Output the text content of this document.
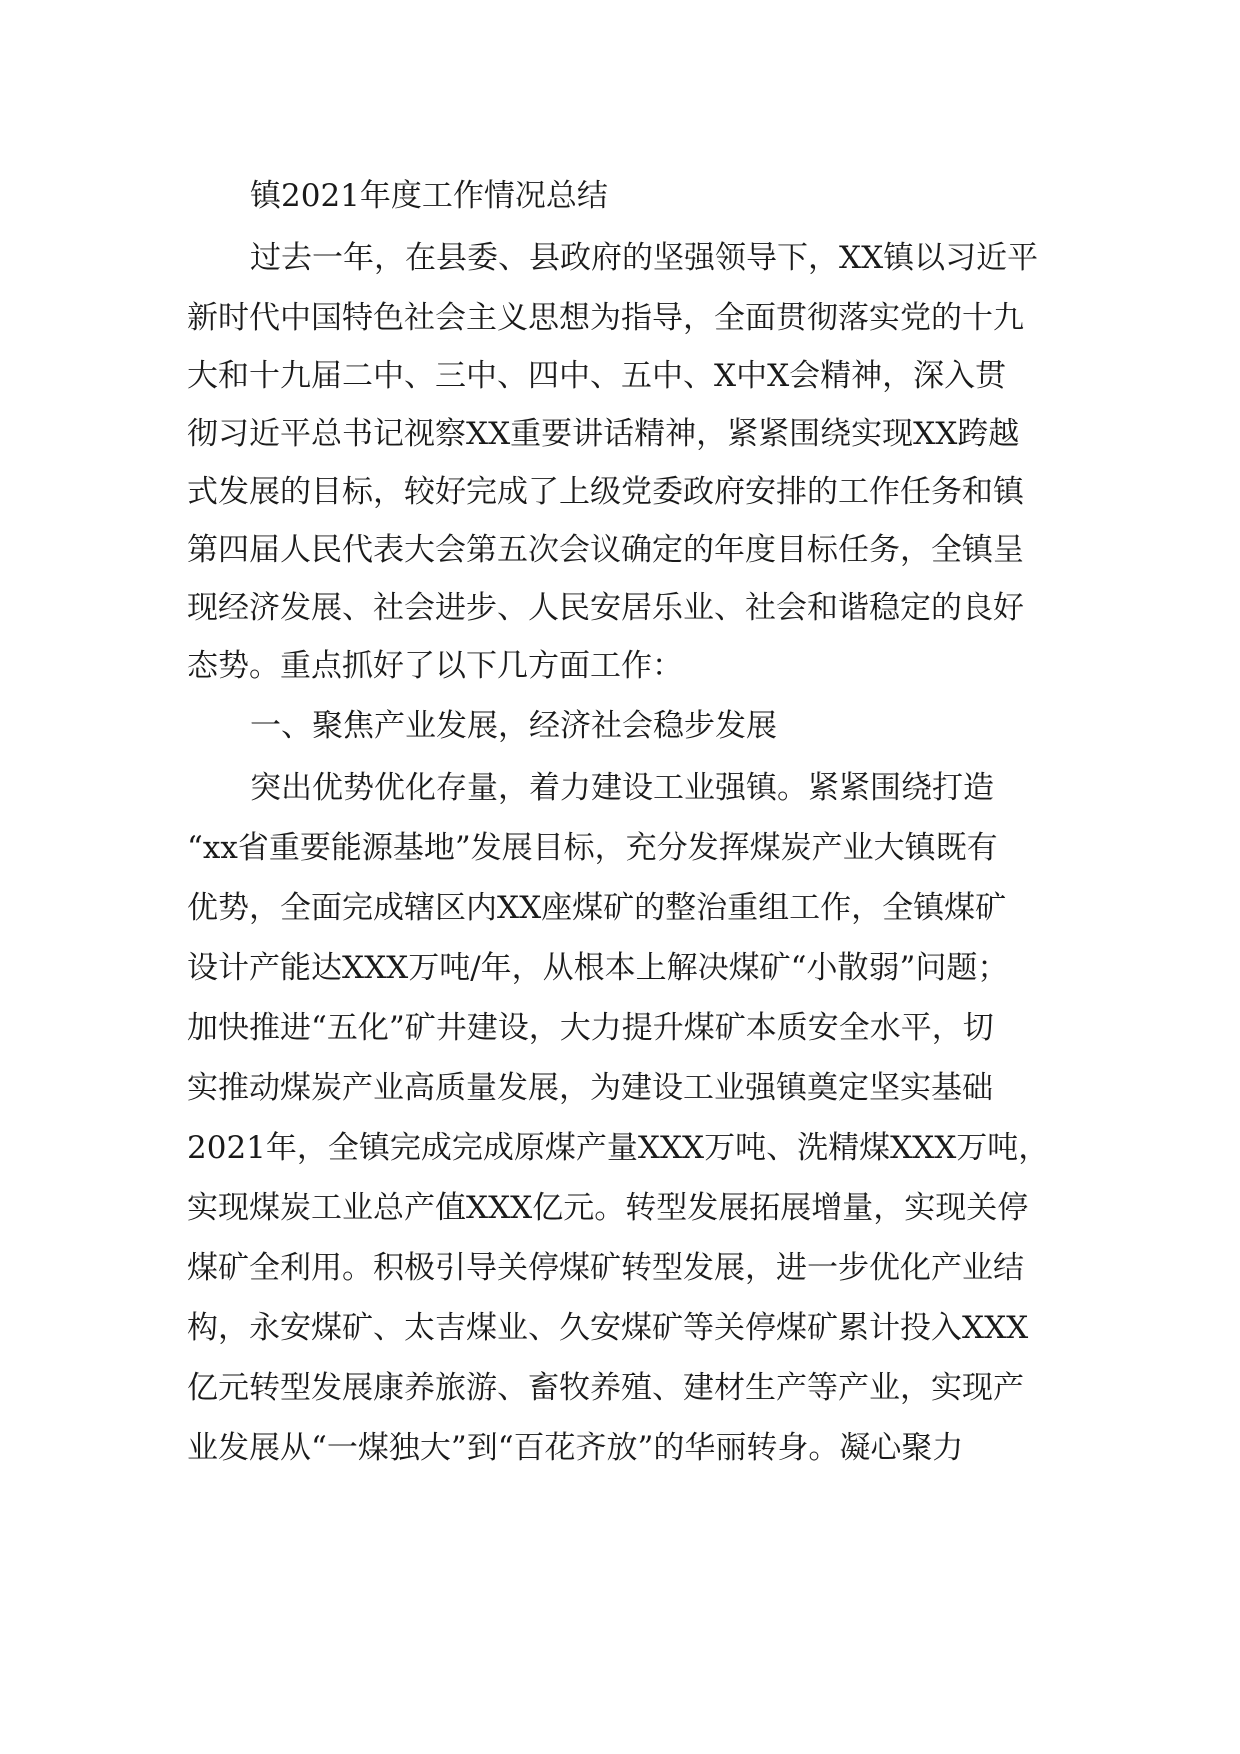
镇2021年度工作情况总结
过去一年，在县委、县政府的坚强领导下，XX镇以习近平
新时代中国特色社会主义思想为指导，全面贯彻落实党的十九
大和十九届二中、三中、四中、五中、X中X会精神，深入贯
彻习近平总书记视察XX重要讲话精神，紧紧围绕实现XX跨越
式发展的目标，较好完成了上级党委政府安排的工作任务和镇
第四届人民代表大会第五次会议确定的年度目标任务，全镇呈
现经济发展、社会进步、人民安居乐业、社会和谐稳定的良好
态势。重点抓好了以下几方面工作：
一、聚焦产业发展，经济社会稳步发展
突出优势优化存量，着力建设工业强镇。紧紧围绕打造
“xx省重要能源基地”发展目标，充分发挥煤炭产业大镇既有
优势，全面完成辖区内XX座煤矿的整治重组工作，全镇煤矿
设计产能达XXX万吨/年，从根本上解决煤矿“小散弱”问题；
加快推进“五化”矿井建设，大力提升煤矿本质安全水平，切
实推动煤炭产业高质量发展，为建设工业强镇奠定坚实基础
2021年，全镇完成完成原煤产量XXX万吨、洗精煤XXX万吨，
实现煤炭工业总产值XXX亿元。转型发展拓展增量，实现关停
煤矿全利用。积极引导关停煤矿转型发展，进一步优化产业结
构，永安煤矿、太吉煤业、久安煤矿等关停煤矿累计投入XXX
亿元转型发展康养旅游、畜牧养殖、建材生产等产业，实现产
业发展从“一煤独大”到“百花齐放”的华丽转身。凝心聚力
